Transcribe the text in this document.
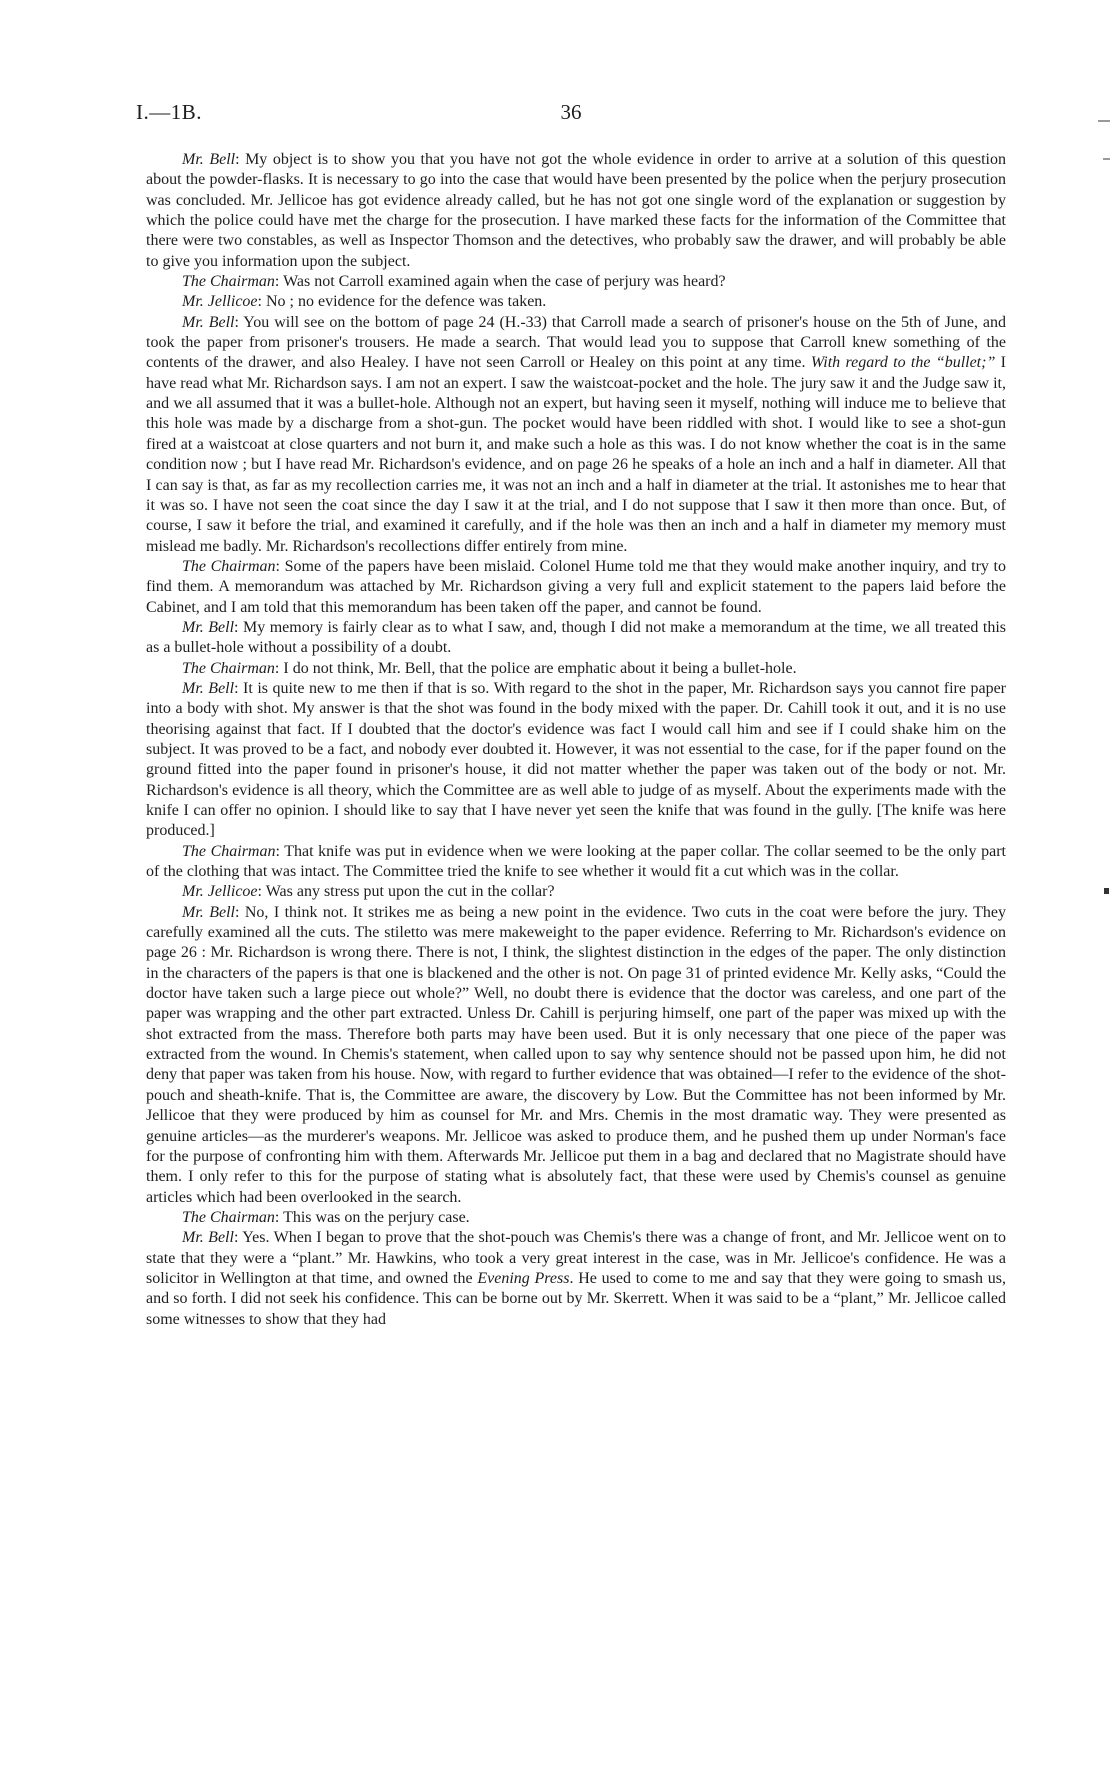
I.—1B.	36

Mr. Bell: My object is to show you that you have not got the whole evidence in order to arrive at a solution of this question about the powder-flasks. It is necessary to go into the case that would have been presented by the police when the perjury prosecution was concluded. Mr. Jellicoe has got evidence already called, but he has not got one single word of the explanation or suggestion by which the police could have met the charge for the prosecution. I have marked these facts for the information of the Committee that there were two constables, as well as Inspector Thomson and the detectives, who probably saw the drawer, and will probably be able to give you information upon the subject.

The Chairman: Was not Carroll examined again when the case of perjury was heard?

Mr. Jellicoe: No ; no evidence for the defence was taken.

Mr. Bell: You will see on the bottom of page 24 (H.-33) that Carroll made a search of prisoner's house on the 5th of June, and took the paper from prisoner's trousers. He made a search. That would lead you to suppose that Carroll knew something of the contents of the drawer, and also Healey. I have not seen Carroll or Healey on this point at any time. With regard to the “bullet;” I have read what Mr. Richardson says. I am not an expert. I saw the waistcoat-pocket and the hole. The jury saw it and the Judge saw it, and we all assumed that it was a bullet-hole. Although not an expert, but having seen it myself, nothing will induce me to believe that this hole was made by a discharge from a shot-gun. The pocket would have been riddled with shot. I would like to see a shot-gun fired at a waistcoat at close quarters and not burn it, and make such a hole as this was. I do not know whether the coat is in the same condition now ; but I have read Mr. Richardson's evidence, and on page 26 he speaks of a hole an inch and a half in diameter. All that I can say is that, as far as my recollection carries me, it was not an inch and a half in diameter at the trial. It astonishes me to hear that it was so. I have not seen the coat since the day I saw it at the trial, and I do not suppose that I saw it then more than once. But, of course, I saw it before the trial, and examined it carefully, and if the hole was then an inch and a half in diameter my memory must mislead me badly. Mr. Richardson's recollections differ entirely from mine.

The Chairman: Some of the papers have been mislaid. Colonel Hume told me that they would make another inquiry, and try to find them. A memorandum was attached by Mr. Richardson giving a very full and explicit statement to the papers laid before the Cabinet, and I am told that this memorandum has been taken off the paper, and cannot be found.

Mr. Bell: My memory is fairly clear as to what I saw, and, though I did not make a memorandum at the time, we all treated this as a bullet-hole without a possibility of a doubt.

The Chairman: I do not think, Mr. Bell, that the police are emphatic about it being a bullet-hole.

Mr. Bell: It is quite new to me then if that is so. With regard to the shot in the paper, Mr. Richardson says you cannot fire paper into a body with shot. My answer is that the shot was found in the body mixed with the paper. Dr. Cahill took it out, and it is no use theorising against that fact. If I doubted that the doctor's evidence was fact I would call him and see if I could shake him on the subject. It was proved to be a fact, and nobody ever doubted it. However, it was not essential to the case, for if the paper found on the ground fitted into the paper found in prisoner's house, it did not matter whether the paper was taken out of the body or not. Mr. Richardson's evidence is all theory, which the Committee are as well able to judge of as myself. About the experiments made with the knife I can offer no opinion. I should like to say that I have never yet seen the knife that was found in the gully. [The knife was here produced.]

The Chairman: That knife was put in evidence when we were looking at the paper collar. The collar seemed to be the only part of the clothing that was intact. The Committee tried the knife to see whether it would fit a cut which was in the collar.

Mr. Jellicoe: Was any stress put upon the cut in the collar?

Mr. Bell: No, I think not. It strikes me as being a new point in the evidence. Two cuts in the coat were before the jury. They carefully examined all the cuts. The stiletto was mere makeweight to the paper evidence. Referring to Mr. Richardson's evidence on page 26 : Mr. Richardson is wrong there. There is not, I think, the slightest distinction in the edges of the paper. The only distinction in the characters of the papers is that one is blackened and the other is not. On page 31 of printed evidence Mr. Kelly asks, “Could the doctor have taken such a large piece out whole?” Well, no doubt there is evidence that the doctor was careless, and one part of the paper was wrapping and the other part extracted. Unless Dr. Cahill is perjuring himself, one part of the paper was mixed up with the shot extracted from the mass. Therefore both parts may have been used. But it is only necessary that one piece of the paper was extracted from the wound. In Chemis's statement, when called upon to say why sentence should not be passed upon him, he did not deny that paper was taken from his house. Now, with regard to further evidence that was obtained—I refer to the evidence of the shot-pouch and sheath-knife. That is, the Committee are aware, the discovery by Low. But the Committee has not been informed by Mr. Jellicoe that they were produced by him as counsel for Mr. and Mrs. Chemis in the most dramatic way. They were presented as genuine articles—as the murderer's weapons. Mr. Jellicoe was asked to produce them, and he pushed them up under Norman's face for the purpose of confronting him with them. Afterwards Mr. Jellicoe put them in a bag and declared that no Magistrate should have them. I only refer to this for the purpose of stating what is absolutely fact, that these were used by Chemis's counsel as genuine articles which had been overlooked in the search.

The Chairman: This was on the perjury case.

Mr. Bell: Yes. When I began to prove that the shot-pouch was Chemis's there was a change of front, and Mr. Jellicoe went on to state that they were a “plant.” Mr. Hawkins, who took a very great interest in the case, was in Mr. Jellicoe's confidence. He was a solicitor in Wellington at that time, and owned the Evening Press. He used to come to me and say that they were going to smash us, and so forth. I did not seek his confidence. This can be borne out by Mr. Skerrett. When it was said to be a “plant,” Mr. Jellicoe called some witnesses to show that they had
